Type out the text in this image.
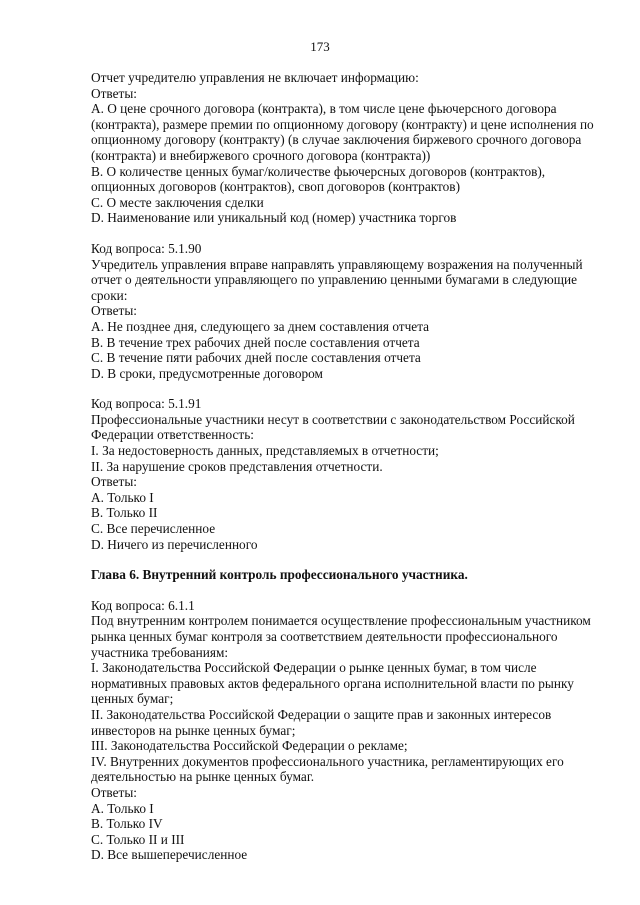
173
Отчет учредителю управления не включает информацию:
Ответы:
A. О цене срочного договора (контракта), в том числе цене фьючерсного договора
(контракта), размере премии по опционному договору (контракту) и цене исполнения по
опционному договору (контракту) (в случае заключения биржевого срочного договора
(контракта) и внебиржевого срочного договора (контракта))
B. О количестве ценных бумаг/количестве фьючерсных договоров (контрактов),
опционных договоров (контрактов), своп договоров (контрактов)
C. О месте заключения сделки
D. Наименование или уникальный код (номер) участника торгов
Код вопроса: 5.1.90
Учредитель управления вправе направлять управляющему возражения на полученный
отчет о деятельности управляющего по управлению ценными бумагами в следующие
сроки:
Ответы:
A. Не позднее дня, следующего за днем составления отчета
B. В течение трех рабочих дней после составления отчета
C. В течение пяти рабочих дней после составления отчета
D. В сроки, предусмотренные договором
Код вопроса: 5.1.91
Профессиональные участники несут в соответствии с законодательством Российской
Федерации ответственность:
I. За недостоверность данных, представляемых в отчетности;
II. За нарушение сроков представления отчетности.
Ответы:
A. Только I
B. Только II
C. Все перечисленное
D. Ничего из перечисленного
Глава 6. Внутренний контроль профессионального участника.
Код вопроса: 6.1.1
Под внутренним контролем понимается осуществление профессиональным участником
рынка ценных бумаг контроля за соответствием деятельности профессионального
участника требованиям:
I. Законодательства Российской Федерации о рынке ценных бумаг, в том числе
нормативных правовых актов федерального органа исполнительной власти по рынку
ценных бумаг;
II. Законодательства Российской Федерации о защите прав и законных интересов
инвесторов на рынке ценных бумаг;
III. Законодательства Российской Федерации о рекламе;
IV. Внутренних документов профессионального участника, регламентирующих его
деятельностью на рынке ценных бумаг.
Ответы:
A. Только I
B. Только IV
C. Только II и III
D. Все вышеперечисленное
